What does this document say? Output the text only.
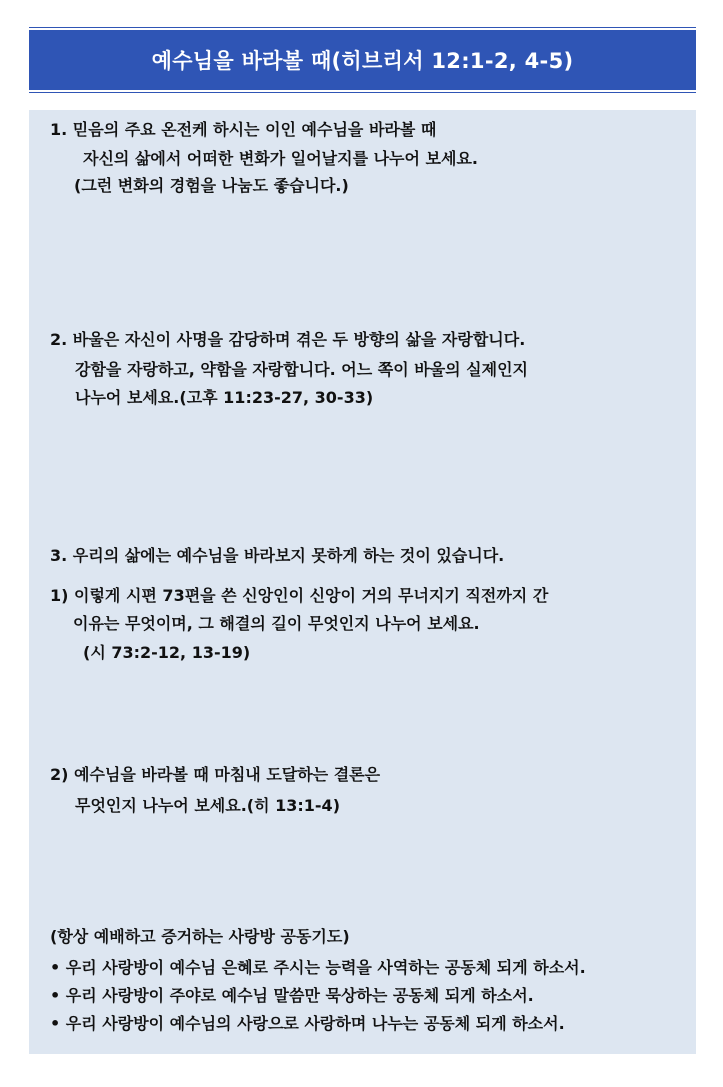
예수님을 바라볼 때(히브리서 12:1-2, 4-5)
1. 믿음의 주요 온전케 하시는 이인 예수님을 바라볼 때
자신의 삶에서 어떠한 변화가 일어날지를 나누어 보세요.
(그런 변화의 경험을 나눔도 좋습니다.)
2. 바울은 자신이 사명을 감당하며 겪은 두 방향의 삶을 자랑합니다.
강함을 자랑하고, 약함을 자랑합니다. 어느 쪽이 바울의 실제인지
나누어 보세요.(고후 11:23-27, 30-33)
3. 우리의 삶에는 예수님을 바라보지 못하게 하는 것이 있습니다.
1) 이렇게 시편 73편을 쓴 신앙인이 신앙이 거의 무너지기 직전까지 간
이유는 무엇이며, 그 해결의 길이 무엇인지 나누어 보세요.
(시 73:2-12, 13-19)
2) 예수님을 바라볼 때 마침내 도달하는 결론은
무엇인지 나누어 보세요.(히 13:1-4)
(항상 예배하고 증거하는 사랑방 공동기도)
• 우리 사랑방이 예수님 은혜로 주시는 능력을 사역하는 공동체 되게 하소서.
• 우리 사랑방이 주야로 예수님 말씀만 묵상하는 공동체 되게 하소서.
• 우리 사랑방이 예수님의 사랑으로 사랑하며 나누는 공동체 되게 하소서.
